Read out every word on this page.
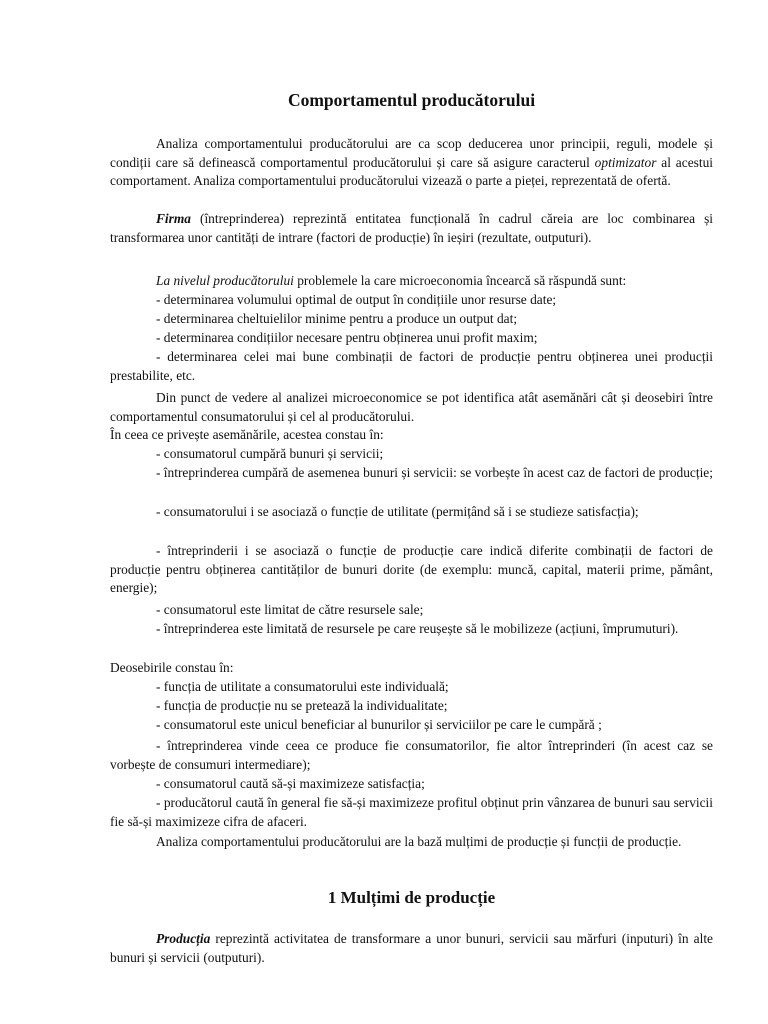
Comportamentul producătorului

Analiza comportamentului producătorului are ca scop deducerea unor principii, reguli, modele și condiții care să definească comportamentul producătorului și care să asigure caracterul optimizator al acestui comportament. Analiza comportamentului producătorului vizează o parte a pieței, reprezentată de ofertă.

Firma (întreprinderea) reprezintă entitatea funcțională în cadrul căreia are loc combinarea și transformarea unor cantități de intrare (factori de producție) în ieșiri (rezultate, outputuri).

La nivelul producătorului problemele la care microeconomia încearcă să răspundă sunt:

- determinarea volumului optimal de output în condițiile unor resurse date;

- determinarea cheltuielilor minime pentru a produce un output dat;

- determinarea condițiilor necesare pentru obținerea unui profit maxim;

- determinarea celei mai bune combinații de factori de producție pentru obținerea unei producții prestabilite, etc.

Din punct de vedere al analizei microeconomice se pot identifica atât asemănări cât și deosebiri între comportamentul consumatorului și cel al producătorului.

În ceea ce privește asemănările, acestea constau în:

- consumatorul cumpără bunuri și servicii;

- întreprinderea cumpără de asemenea bunuri și servicii: se vorbește în acest caz de factori de producție;

- consumatorului i se asociază o funcție de utilitate (permițând să i se studieze satisfacția);

- întreprinderii i se asociază o funcție de producție care indică diferite combinații de factori de producție pentru obținerea cantităților de bunuri dorite (de exemplu: muncă, capital, materii prime, pământ, energie);

- consumatorul este limitat de către resursele sale;

- întreprinderea este limitată de resursele pe care reușește să le mobilizeze (acțiuni, împrumuturi).

Deosebirile constau în:

- funcția de utilitate a consumatorului este individuală;

- funcția de producție nu se pretează la individualitate;

- consumatorul este unicul beneficiar al bunurilor și serviciilor pe care le cumpără ;

- întreprinderea vinde ceea ce produce fie consumatorilor, fie altor întreprinderi (în acest caz se vorbește de consumuri intermediare);

- consumatorul caută să-și maximizeze satisfacția;

- producătorul caută în general fie să-și maximizeze profitul obținut prin vânzarea de bunuri sau servicii fie să-și maximizeze cifra de afaceri.

Analiza comportamentului producătorului are la bază mulțimi de producție și funcții de producție.

1 Mulțimi de producție

Producția reprezintă activitatea de transformare a unor bunuri, servicii sau mărfuri (inputuri) în alte bunuri și servicii (outputuri).
